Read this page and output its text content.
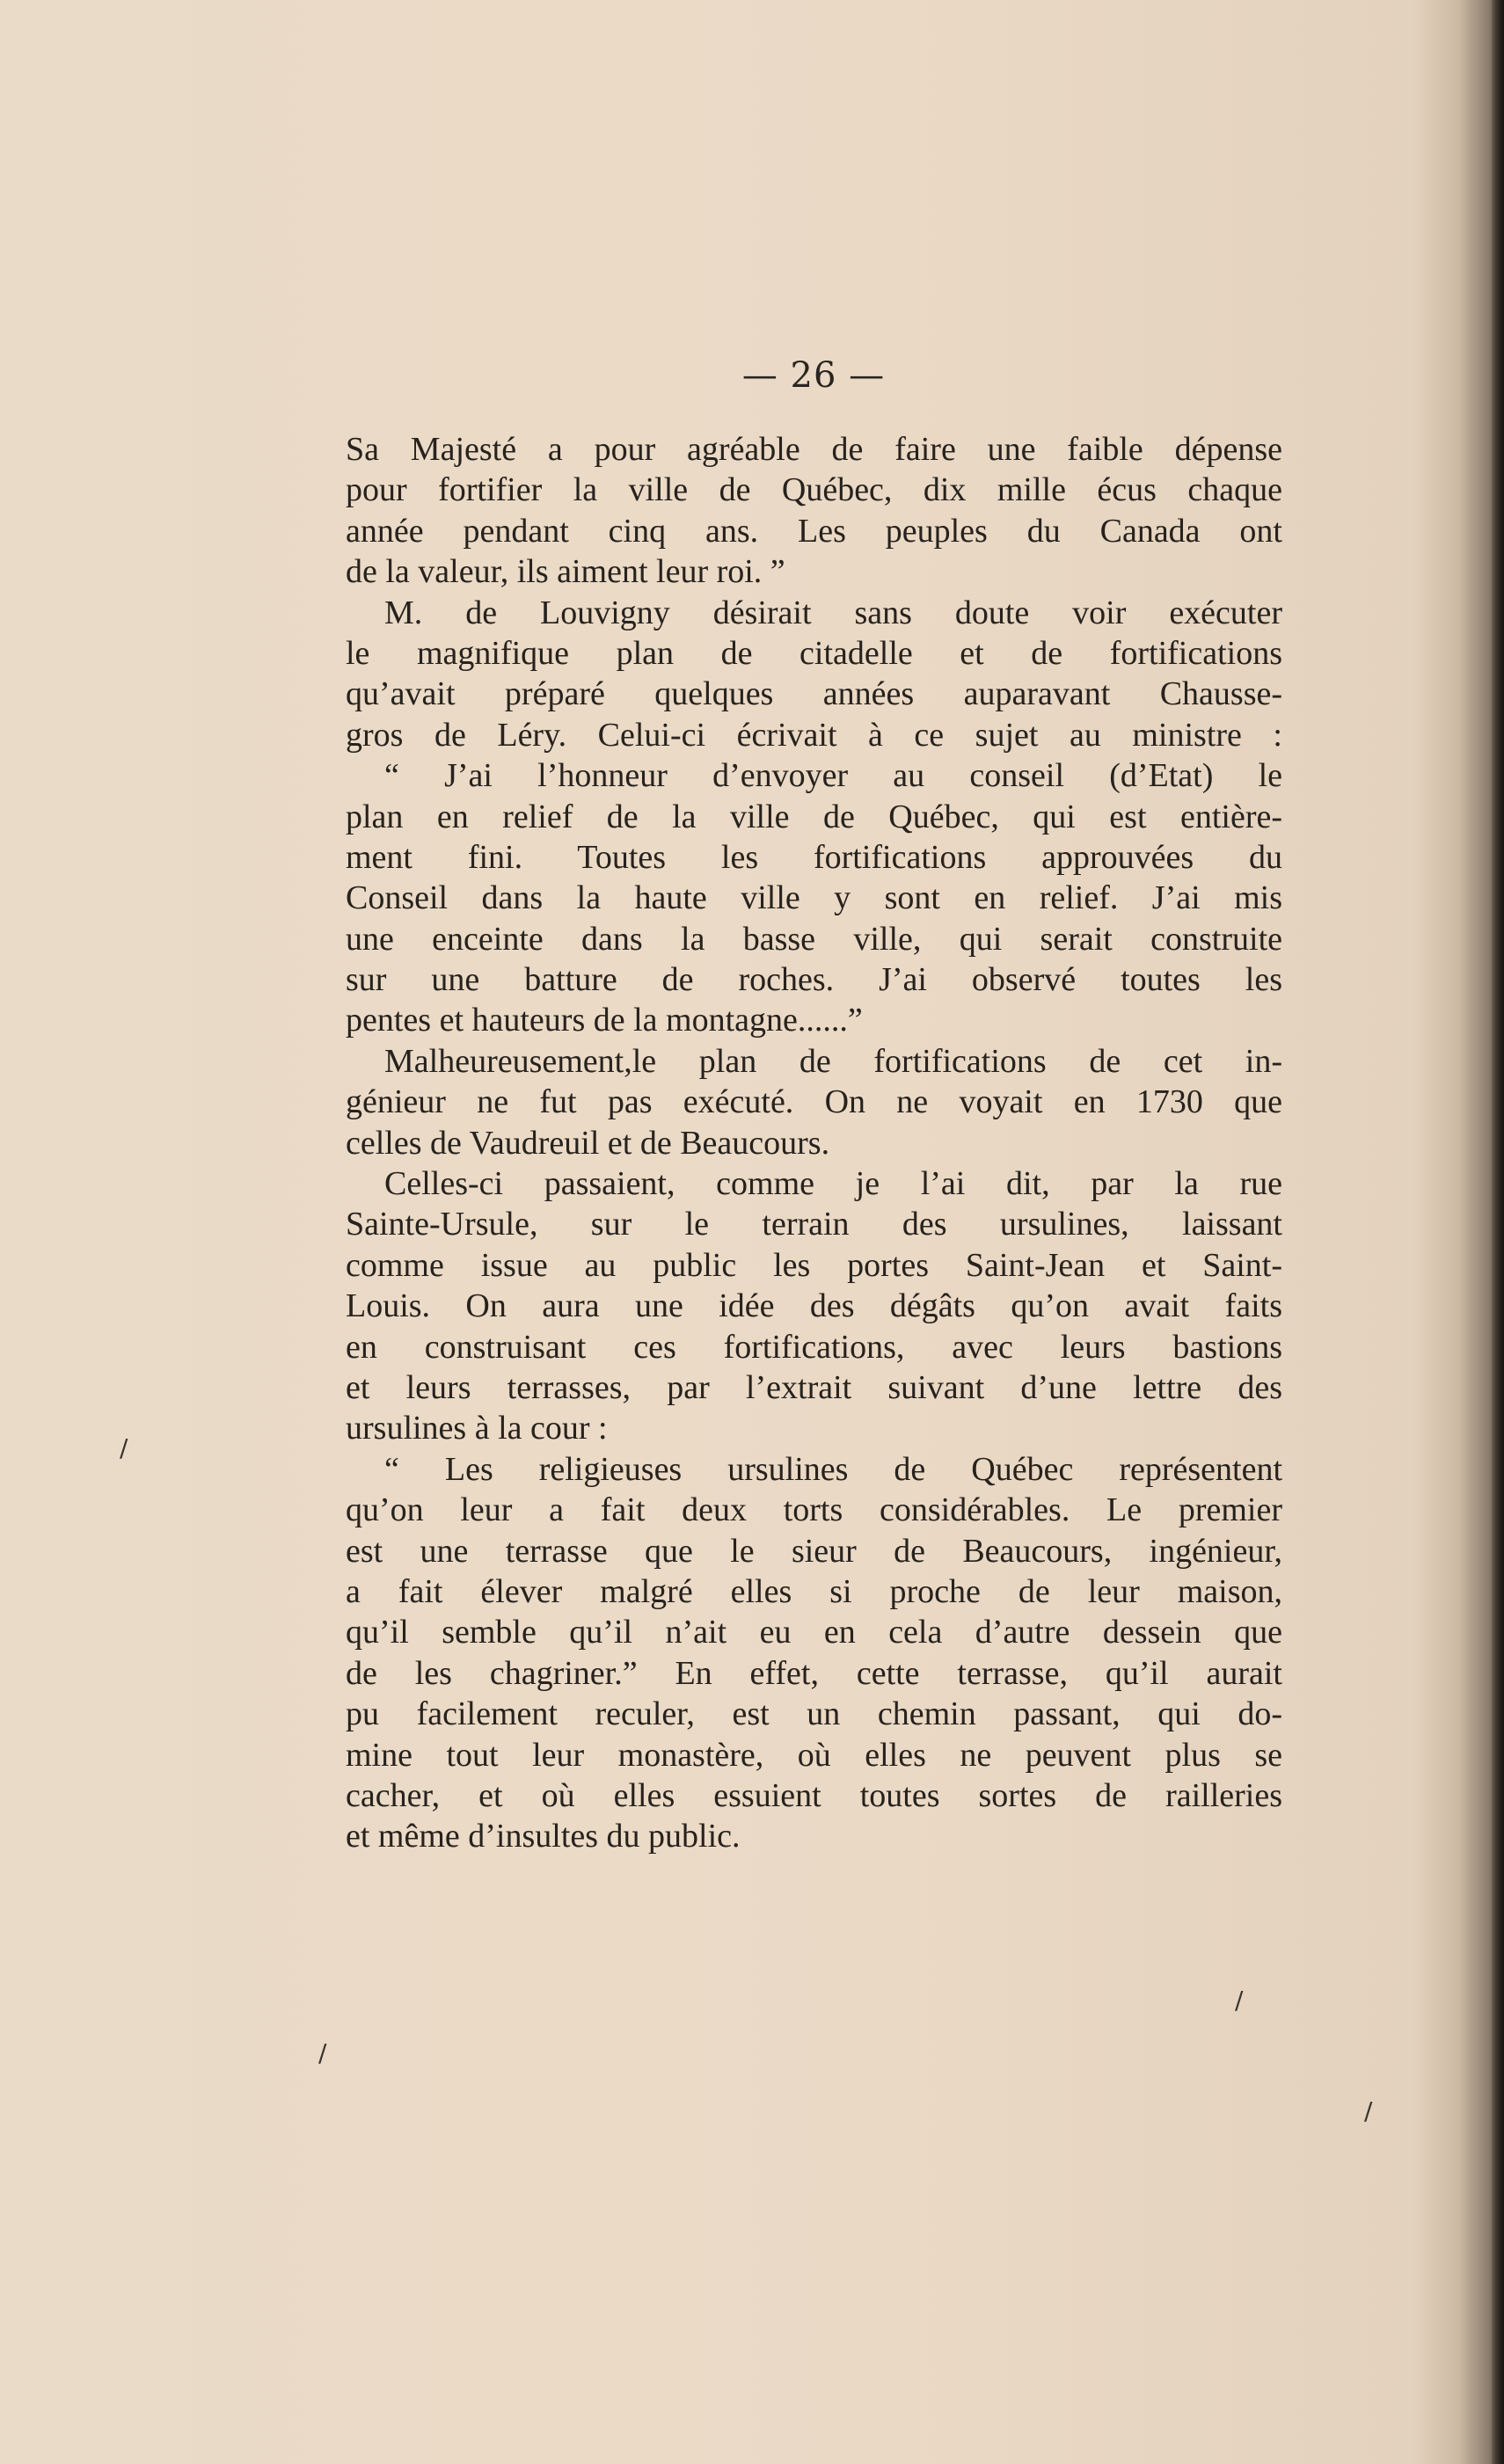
— 26 —
Sa Majesté a pour agréable de faire une faible dépense
pour fortifier la ville de Québec, dix mille écus chaque
année pendant cinq ans. Les peuples du Canada ont
de la valeur, ils aiment leur roi. ”
M. de Louvigny désirait sans doute voir exécuter
le magnifique plan de citadelle et de fortifications
qu’avait préparé quelques années auparavant Chausse-
gros de Léry. Celui-ci écrivait à ce sujet au ministre :
“ J’ai l’honneur d’envoyer au conseil (d’Etat) le
plan en relief de la ville de Québec, qui est entière-
ment fini. Toutes les fortifications approuvées du
Conseil dans la haute ville y sont en relief. J’ai mis
une enceinte dans la basse ville, qui serait construite
sur une batture de roches. J’ai observé toutes les
pentes et hauteurs de la montagne......”
Malheureusement,le plan de fortifications de cet in-
génieur ne fut pas exécuté. On ne voyait en 1730 que
celles de Vaudreuil et de Beaucours.
Celles-ci passaient, comme je l’ai dit, par la rue
Sainte-Ursule, sur le terrain des ursulines, laissant
comme issue au public les portes Saint-Jean et Saint-
Louis. On aura une idée des dégâts qu’on avait faits
en construisant ces fortifications, avec leurs bastions
et leurs terrasses, par l’extrait suivant d’une lettre des
ursulines à la cour :
“ Les religieuses ursulines de Québec représentent
qu’on leur a fait deux torts considérables. Le premier
est une terrasse que le sieur de Beaucours, ingénieur,
a fait élever malgré elles si proche de leur maison,
qu’il semble qu’il n’ait eu en cela d’autre dessein que
de les chagriner.” En effet, cette terrasse, qu’il aurait
pu facilement reculer, est un chemin passant, qui do-
mine tout leur monastère, où elles ne peuvent plus se
cacher, et où elles essuient toutes sortes de railleries
et même d’insultes du public.
/
/
/
/
